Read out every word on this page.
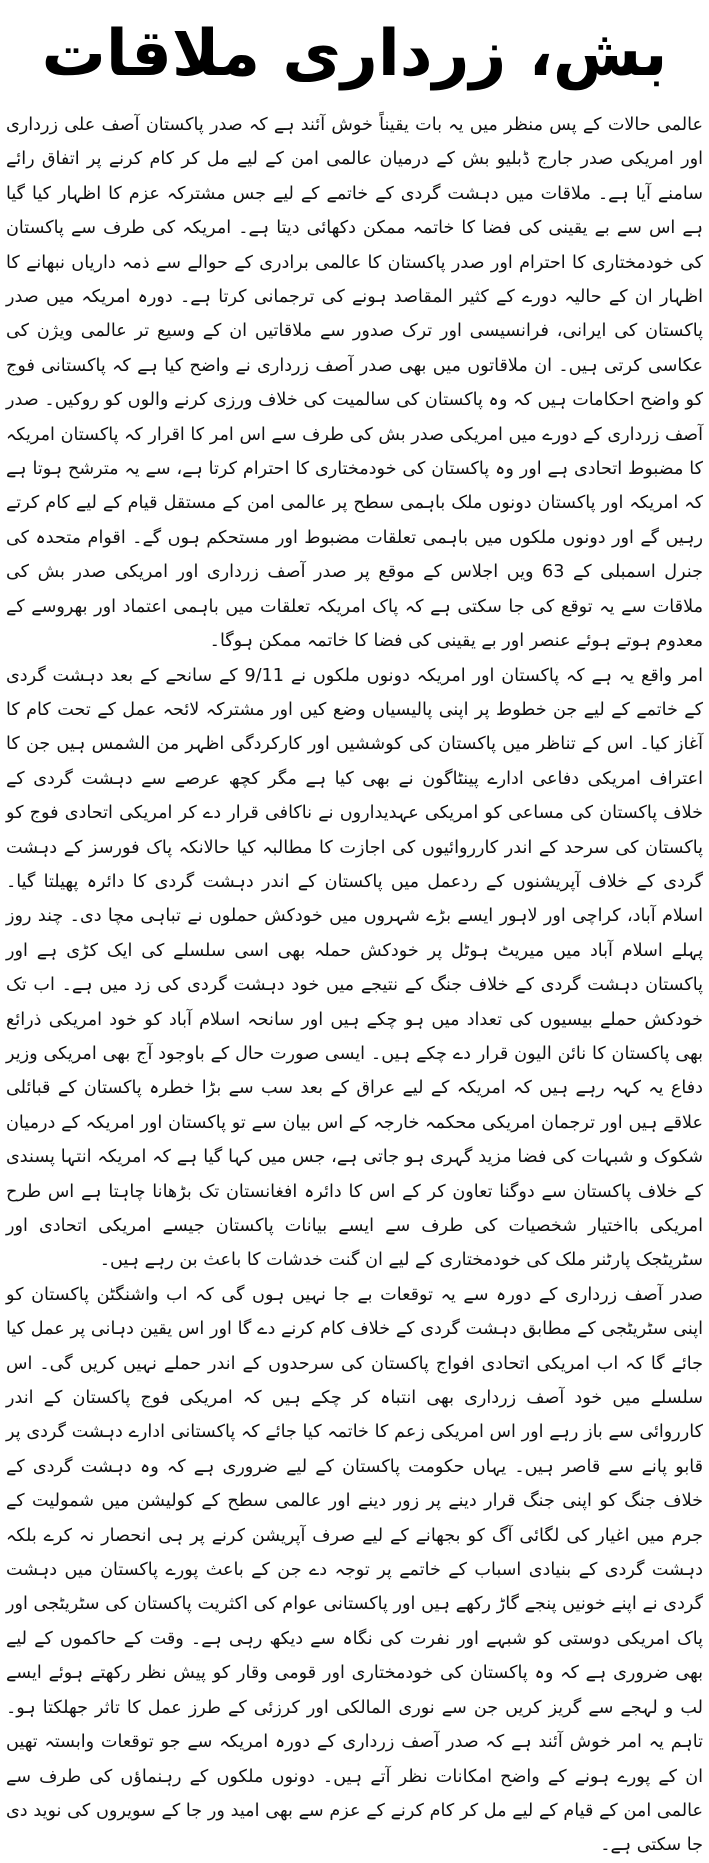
بش، زرداری ملاقات

عالمی حالات کے پس منظر میں یہ بات یقیناً خوش آئند ہے کہ صدر پاکستان آصف علی زرداری اور امریکی صدر جارج ڈبلیو بش کے درمیان عالمی امن کے لیے مل کر کام کرنے پر اتفاق رائے سامنے آیا ہے۔ ملاقات میں دہشت گردی کے خاتمے کے لیے جس مشترکہ عزم کا اظہار کیا گیا ہے اس سے بے یقینی کی فضا کا خاتمہ ممکن دکھائی دیتا ہے۔ امریکہ کی طرف سے پاکستان کی خودمختاری کا احترام اور صدر پاکستان کا عالمی برادری کے حوالے سے ذمہ داریاں نبھانے کا اظہار ان کے حالیہ دورے کے کثیر المقاصد ہونے کی ترجمانی کرتا ہے۔ دورہ امریکہ میں صدر پاکستان کی ایرانی، فرانسیسی اور ترک صدور سے ملاقاتیں ان کے وسیع تر عالمی ویژن کی عکاسی کرتی ہیں۔ ان ملاقاتوں میں بھی صدر آصف زرداری نے واضح کیا ہے کہ پاکستانی فوج کو واضح احکامات ہیں کہ وہ پاکستان کی سالمیت کی خلاف ورزی کرنے والوں کو روکیں۔ صدر آصف زرداری کے دورے میں امریکی صدر بش کی طرف سے اس امر کا اقرار کہ پاکستان امریکہ کا مضبوط اتحادی ہے اور وہ پاکستان کی خودمختاری کا احترام کرتا ہے، سے یہ مترشح ہوتا ہے کہ امریکہ اور پاکستان دونوں ملک باہمی سطح پر عالمی امن کے مستقل قیام کے لیے کام کرتے رہیں گے اور دونوں ملکوں میں باہمی تعلقات مضبوط اور مستحکم ہوں گے۔ اقوام متحدہ کی جنرل اسمبلی کے 63 ویں اجلاس کے موقع پر صدر آصف زرداری اور امریکی صدر بش کی ملاقات سے یہ توقع کی جا سکتی ہے کہ پاک امریکہ تعلقات میں باہمی اعتماد اور بھروسے کے معدوم ہوتے ہوئے عنصر اور بے یقینی کی فضا کا خاتمہ ممکن ہوگا۔

امر واقع یہ ہے کہ پاکستان اور امریکہ دونوں ملکوں نے 9/11 کے سانحے کے بعد دہشت گردی کے خاتمے کے لیے جن خطوط پر اپنی پالیسیاں وضع کیں اور مشترکہ لائحہ عمل کے تحت کام کا آغاز کیا۔ اس کے تناظر میں پاکستان کی کوششیں اور کارکردگی اظہر من الشمس ہیں جن کا اعتراف امریکی دفاعی ادارے پینٹاگون نے بھی کیا ہے مگر کچھ عرصے سے دہشت گردی کے خلاف پاکستان کی مساعی کو امریکی عہدیداروں نے ناکافی قرار دے کر امریکی اتحادی فوج کو پاکستان کی سرحد کے اندر کارروائیوں کی اجازت کا مطالبہ کیا حالانکہ پاک فورسز کے دہشت گردی کے خلاف آپریشنوں کے ردعمل میں پاکستان کے اندر دہشت گردی کا دائرہ پھیلتا گیا۔ اسلام آباد، کراچی اور لاہور ایسے بڑے شہروں میں خودکش حملوں نے تباہی مچا دی۔ چند روز پہلے اسلام آباد میں میریٹ ہوٹل پر خودکش حملہ بھی اسی سلسلے کی ایک کڑی ہے اور پاکستان دہشت گردی کے خلاف جنگ کے نتیجے میں خود دہشت گردی کی زد میں ہے۔ اب تک خودکش حملے بیسیوں کی تعداد میں ہو چکے ہیں اور سانحہ اسلام آباد کو خود امریکی ذرائع بھی پاکستان کا نائن الیون قرار دے چکے ہیں۔ ایسی صورت حال کے باوجود آج بھی امریکی وزیر دفاع یہ کہہ رہے ہیں کہ امریکہ کے لیے عراق کے بعد سب سے بڑا خطرہ پاکستان کے قبائلی علاقے ہیں اور ترجمان امریکی محکمہ خارجہ کے اس بیان سے تو پاکستان اور امریکہ کے درمیان شکوک و شبہات کی فضا مزید گہری ہو جاتی ہے، جس میں کہا گیا ہے کہ امریکہ انتہا پسندی کے خلاف پاکستان سے دوگنا تعاون کر کے اس کا دائرہ افغانستان تک بڑھانا چاہتا ہے اس طرح امریکی بااختیار شخصیات کی طرف سے ایسے بیانات پاکستان جیسے امریکی اتحادی اور سٹریٹجک پارٹنر ملک کی خودمختاری کے لیے ان گنت خدشات کا باعث بن رہے ہیں۔

صدر آصف زرداری کے دورہ سے یہ توقعات بے جا نہیں ہوں گی کہ اب واشنگٹن پاکستان کو اپنی سٹریٹجی کے مطابق دہشت گردی کے خلاف کام کرنے دے گا اور اس یقین دہانی پر عمل کیا جائے گا کہ اب امریکی اتحادی افواج پاکستان کی سرحدوں کے اندر حملے نہیں کریں گی۔ اس سلسلے میں خود آصف زرداری بھی انتباہ کر چکے ہیں کہ امریکی فوج پاکستان کے اندر کارروائی سے باز رہے اور اس امریکی زعم کا خاتمہ کیا جائے کہ پاکستانی ادارے دہشت گردی پر قابو پانے سے قاصر ہیں۔ یہاں حکومت پاکستان کے لیے ضروری ہے کہ وہ دہشت گردی کے خلاف جنگ کو اپنی جنگ قرار دینے پر زور دینے اور عالمی سطح کے کولیشن میں شمولیت کے جرم میں اغیار کی لگائی آگ کو بجھانے کے لیے صرف آپریشن کرنے پر ہی انحصار نہ کرے بلکہ دہشت گردی کے بنیادی اسباب کے خاتمے پر توجہ دے جن کے باعث پورے پاکستان میں دہشت گردی نے اپنے خونیں پنجے گاڑ رکھے ہیں اور پاکستانی عوام کی اکثریت پاکستان کی سٹریٹجی اور پاک امریکی دوستی کو شبہے اور نفرت کی نگاہ سے دیکھ رہی ہے۔ وقت کے حاکموں کے لیے بھی ضروری ہے کہ وہ پاکستان کی خودمختاری اور قومی وقار کو پیش نظر رکھتے ہوئے ایسے لب و لہجے سے گریز کریں جن سے نوری المالکی اور کرزئی کے طرز عمل کا تاثر جھلکتا ہو۔ تاہم یہ امر خوش آئند ہے کہ صدر آصف زرداری کے دورہ امریکہ سے جو توقعات وابستہ تھیں ان کے پورے ہونے کے واضح امکانات نظر آتے ہیں۔ دونوں ملکوں کے رہنماؤں کی طرف سے عالمی امن کے قیام کے لیے مل کر کام کرنے کے عزم سے بھی امید ور جا کے سویروں کی نوید دی جا سکتی ہے۔
